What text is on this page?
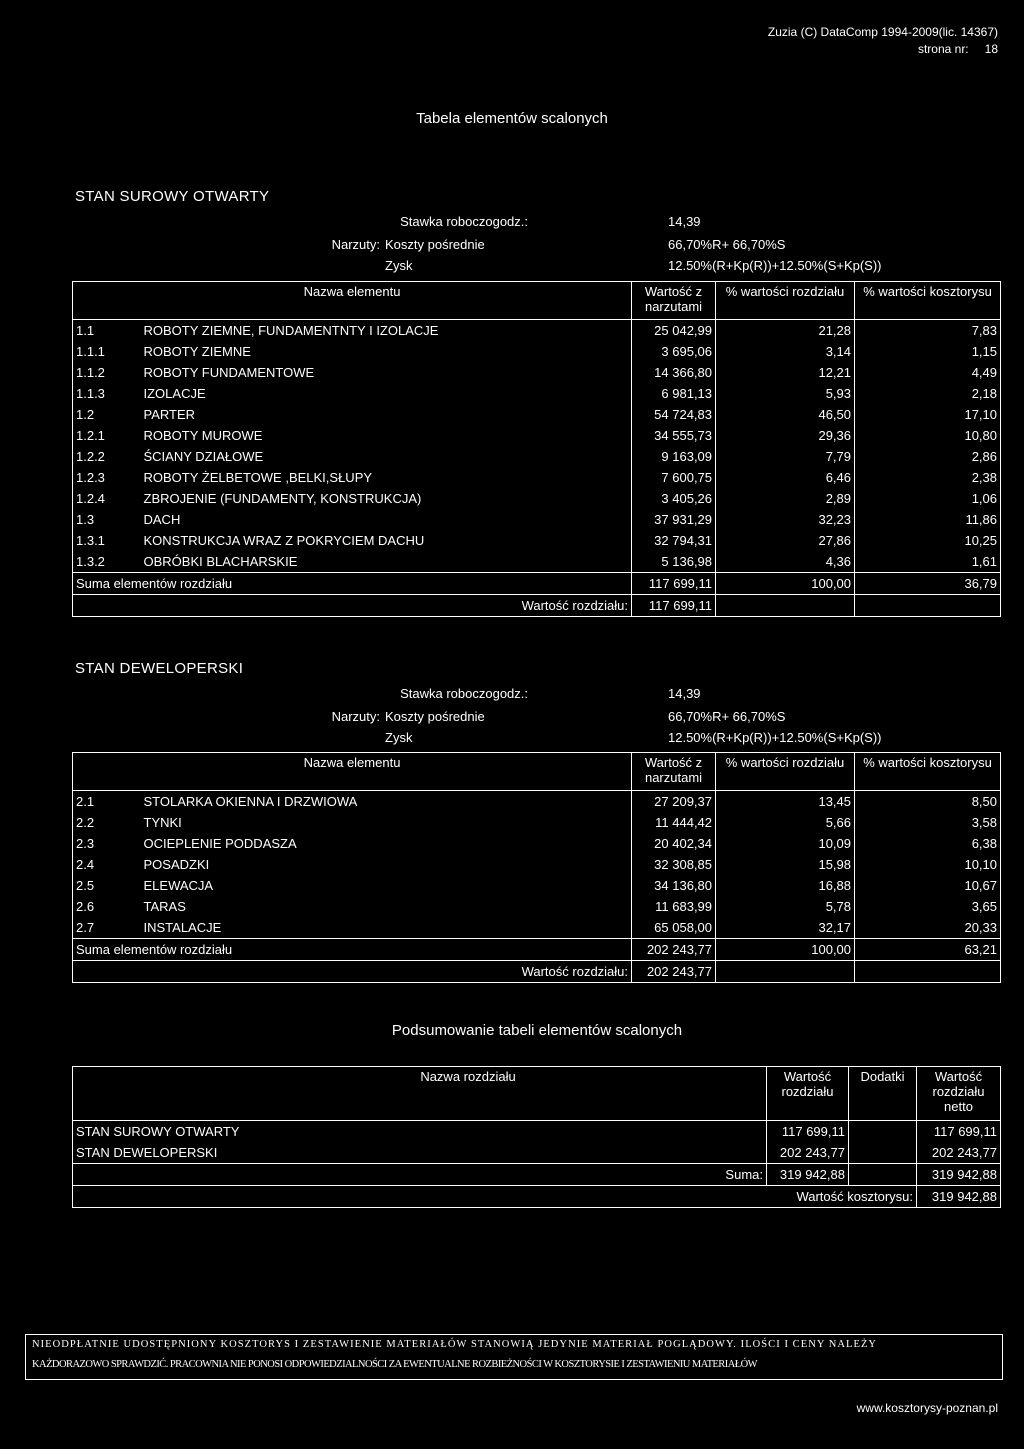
Zuzia (C) DataComp 1994-2009(lic. 14367)
strona nr: 18
Tabela elementów scalonych
STAN SUROWY OTWARTY
Stawka roboczogodz.:	14,39
Narzuty: Koszty pośrednie	66,70%R+ 66,70%S
Zysk	12.50%(R+Kp(R))+12.50%(S+Kp(S))
Nazwa elementu		Wartość z narzutami	% wartości rozdziału	% wartości kosztorysu
1.1	ROBOTY ZIEMNE, FUNDAMENTNTY I IZOLACJE	25 042,99	21,28	7,83
1.1.1	ROBOTY ZIEMNE	3 695,06	3,14	1,15
1.1.2	ROBOTY FUNDAMENTOWE	14 366,80	12,21	4,49
1.1.3	IZOLACJE	6 981,13	5,93	2,18
1.2	PARTER	54 724,83	46,50	17,10
1.2.1	ROBOTY MUROWE	34 555,73	29,36	10,80
1.2.2	ŚCIANY DZIAŁOWE	9 163,09	7,79	2,86
1.2.3	ROBOTY ŻELBETOWE ,BELKI,SŁUPY	7 600,75	6,46	2,38
1.2.4	ZBROJENIE (FUNDAMENTY, KONSTRUKCJA)	3 405,26	2,89	1,06
1.3	DACH	37 931,29	32,23	11,86
1.3.1	KONSTRUKCJA WRAZ Z POKRYCIEM DACHU	32 794,31	27,86	10,25
1.3.2	OBRÓBKI BLACHARSKIE	5 136,98	4,36	1,61
Suma elementów rozdziału		117 699,11	100,00	36,79
Wartość rozdziału:		117 699,11		
STAN DEWELOPERSKI
Stawka roboczogodz.:	14,39
Narzuty: Koszty pośrednie	66,70%R+ 66,70%S
Zysk	12.50%(R+Kp(R))+12.50%(S+Kp(S))
Nazwa elementu		Wartość z narzutami	% wartości rozdziału	% wartości kosztorysu
2.1	STOLARKA OKIENNA I DRZWIOWA	27 209,37	13,45	8,50
2.2	TYNKI	11 444,42	5,66	3,58
2.3	OCIEPLENIE PODDASZA	20 402,34	10,09	6,38
2.4	POSADZKI	32 308,85	15,98	10,10
2.5	ELEWACJA	34 136,80	16,88	10,67
2.6	TARAS	11 683,99	5,78	3,65
2.7	INSTALACJE	65 058,00	32,17	20,33
Suma elementów rozdziału		202 243,77	100,00	63,21
Wartość rozdziału:		202 243,77		
Podsumowanie tabeli elementów scalonych
Nazwa rozdziału	Wartość rozdziału	Dodatki	Wartość rozdziału netto
STAN SUROWY OTWARTY	117 699,11		117 699,11
STAN DEWELOPERSKI	202 243,77		202 243,77
Suma:	319 942,88		319 942,88
Wartość kosztorysu:			319 942,88
NIEODPŁATNIE UDOSTĘPNIONY KOSZTORYS I ZESTAWIENIE MATERIAŁÓW STANOWIĄ JEDYNIE MATERIAŁ POGLĄDOWY. ILOŚCI I CENY NALEŻY
KAŻDORAZOWO SPRAWDZIĆ. PRACOWNIA NIE PONOSI ODPOWIEDZIALNOŚCI ZA EWENTUALNE ROZBIEŻNOŚCI W KOSZTORYSIE I ZESTAWIENIU MATERIAŁÓW
www.kosztorysy-poznan.pl
